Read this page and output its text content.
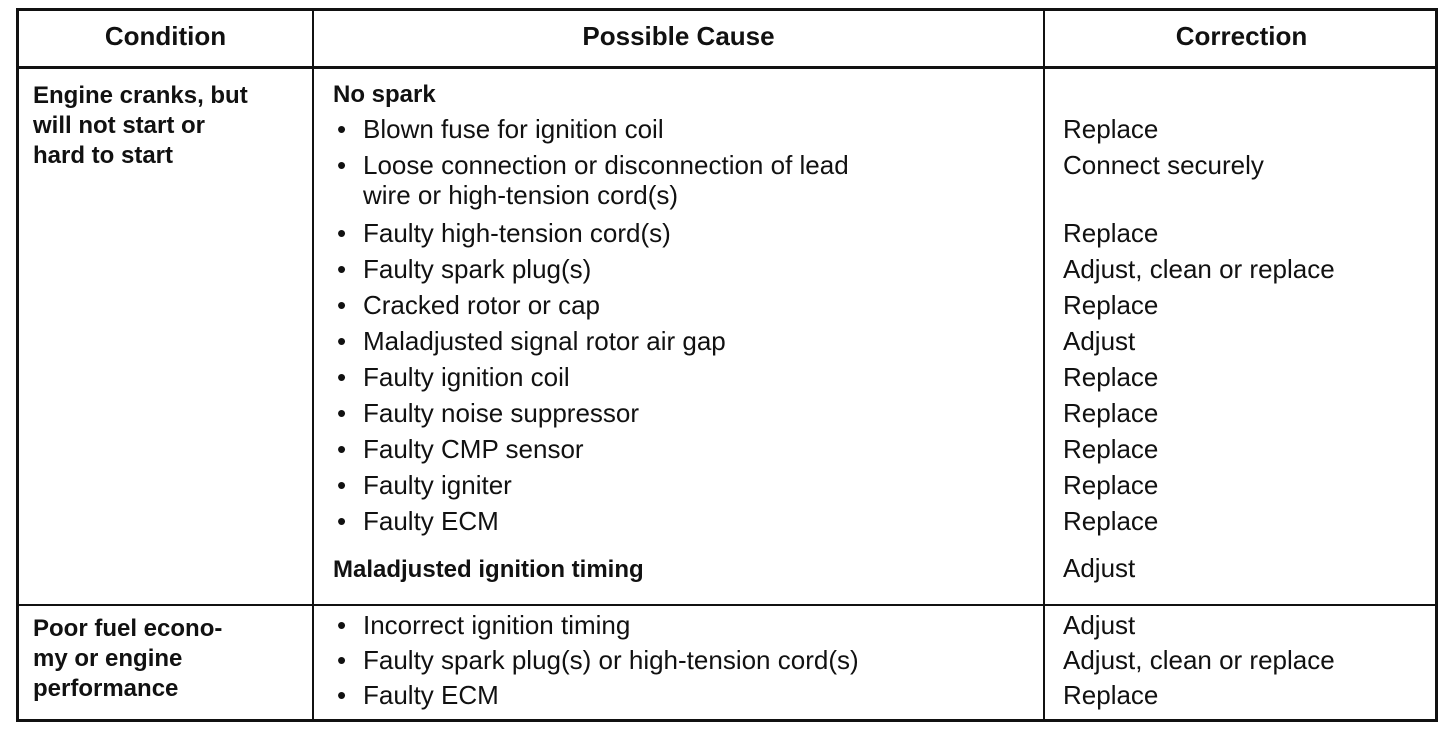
Condition	Possible Cause	Correction
Engine cranks, but
will not start or
hard to start
No spark
• Blown fuse for ignition coil
• Loose connection or disconnection of lead
wire or high-tension cord(s)
• Faulty high-tension cord(s)
• Faulty spark plug(s)
• Cracked rotor or cap
• Maladjusted signal rotor air gap
• Faulty ignition coil
• Faulty noise suppressor
• Faulty CMP sensor
• Faulty igniter
• Faulty ECM
Maladjusted ignition timing
Replace
Connect securely
Replace
Adjust, clean or replace
Replace
Adjust
Replace
Replace
Replace
Replace
Replace
Adjust
Poor fuel econo-
my or engine
performance
• Incorrect ignition timing
• Faulty spark plug(s) or high-tension cord(s)
• Faulty ECM
Adjust
Adjust, clean or replace
Replace
